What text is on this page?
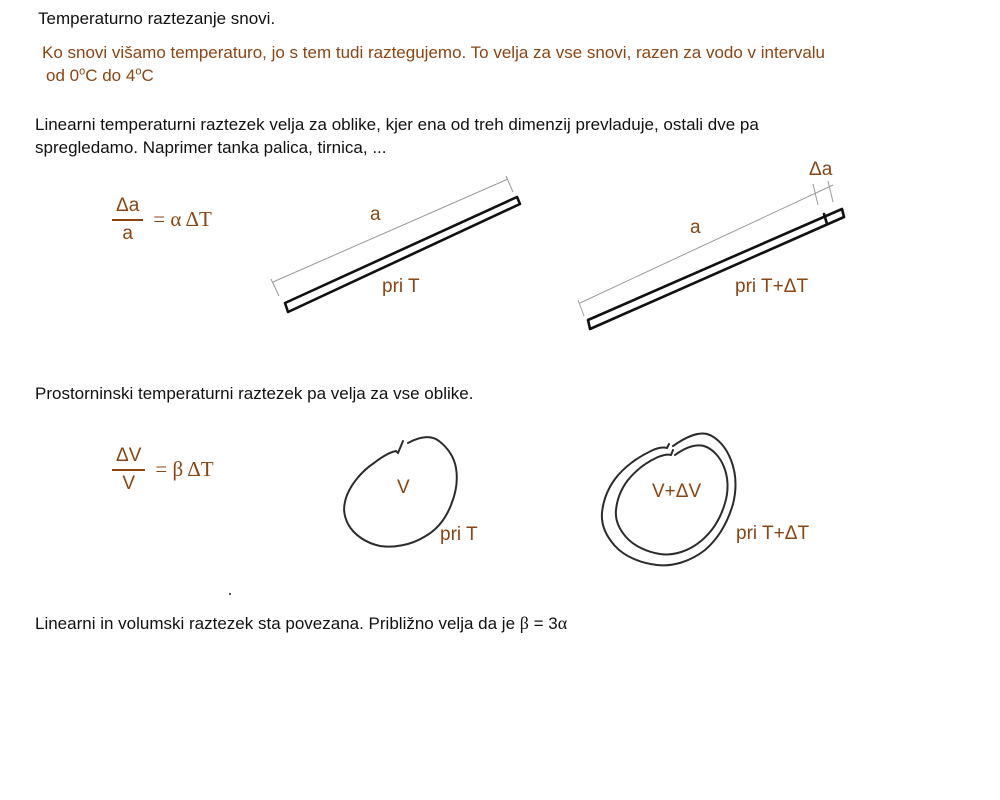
Temperaturno raztezanje snovi.
Ko snovi višamo temperaturo, jo s tem tudi raztegujemo. To velja za vse snovi, razen za vodo v intervalu
od 0$^o$C do 4$^o$C
Linearni temperaturni raztezek velja za oblike, kjer ena od treh dimenzij prevladuje, ostali dve pa
spregledamo. Naprimer tanka palica, tirnica, ...
$\frac{\Delta a}{a} = \alpha$ ΔT	a
pri T
Δa
a
pri T+ΔT
Prostorninski temperaturni raztezek pa velja za vse oblike.
$\frac{\Delta V}{V} = \beta$ ΔT
V
pri T
V+ΔV
pri T+ΔT
Linearni in volumski raztezek sta povezana. Približno velja da je β = 3α
